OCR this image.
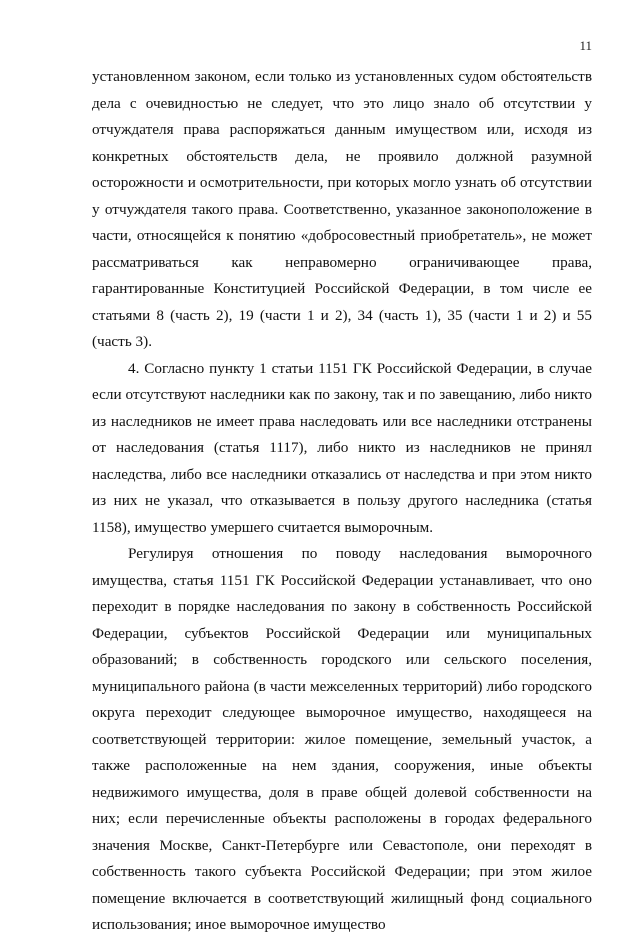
11

установленном законом, если только из установленных судом обстоятельств дела с очевидностью не следует, что это лицо знало об отсутствии у отчуждателя права распоряжаться данным имуществом или, исходя из конкретных обстоятельств дела, не проявило должной разумной осторожности и осмотрительности, при которых могло узнать об отсутствии у отчуждателя такого права. Соответственно, указанное законоположение в части, относящейся к понятию «добросовестный приобретатель», не может рассматриваться как неправомерно ограничивающее права, гарантированные Конституцией Российской Федерации, в том числе ее статьями 8 (часть 2), 19 (части 1 и 2), 34 (часть 1), 35 (части 1 и 2) и 55 (часть 3).

4. Согласно пункту 1 статьи 1151 ГК Российской Федерации, в случае если отсутствуют наследники как по закону, так и по завещанию, либо никто из наследников не имеет права наследовать или все наследники отстранены от наследования (статья 1117), либо никто из наследников не принял наследства, либо все наследники отказались от наследства и при этом никто из них не указал, что отказывается в пользу другого наследника (статья 1158), имущество умершего считается выморочным.

Регулируя отношения по поводу наследования выморочного имущества, статья 1151 ГК Российской Федерации устанавливает, что оно переходит в порядке наследования по закону в собственность Российской Федерации, субъектов Российской Федерации или муниципальных образований; в собственность городского или сельского поселения, муниципального района (в части межселенных территорий) либо городского округа переходит следующее выморочное имущество, находящееся на соответствующей территории: жилое помещение, земельный участок, а также расположенные на нем здания, сооружения, иные объекты недвижимого имущества, доля в праве общей долевой собственности на них; если перечисленные объекты расположены в городах федерального значения Москве, Санкт-Петербурге или Севастополе, они переходят в собственность такого субъекта Российской Федерации; при этом жилое помещение включается в соответствующий жилищный фонд социального использования; иное выморочное имущество
